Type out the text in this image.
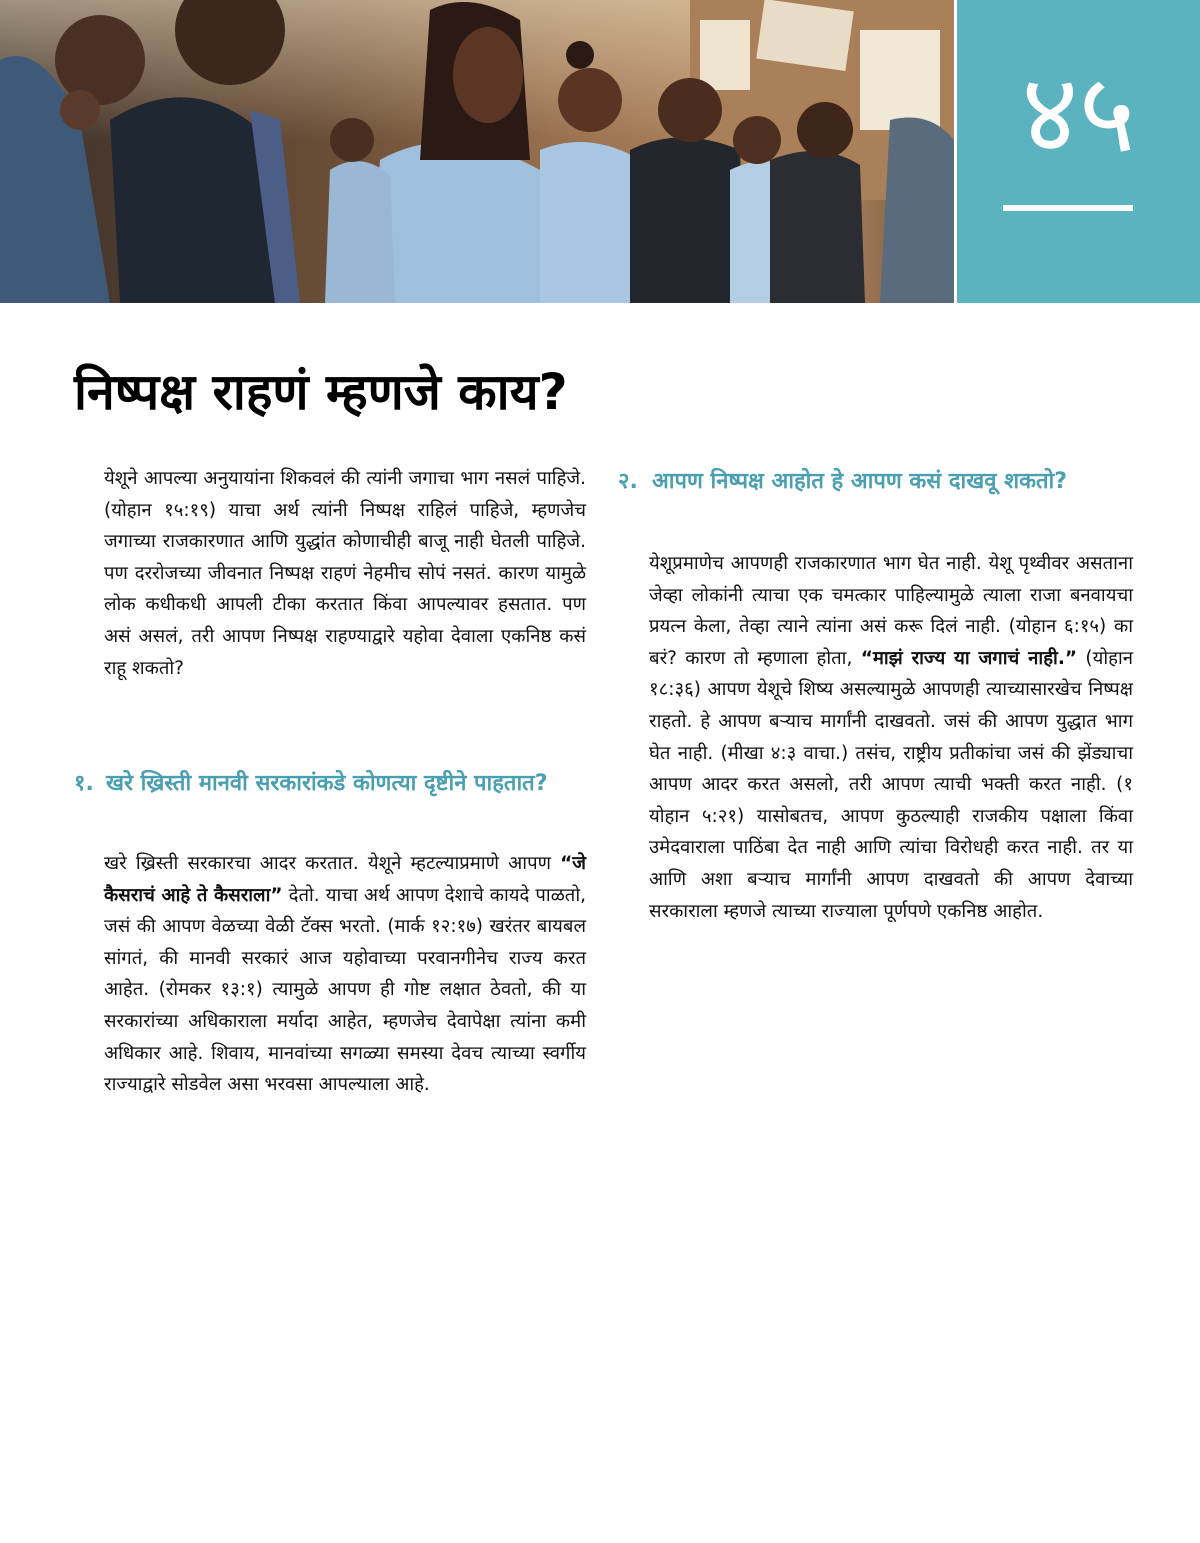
४५
निष्पक्ष राहणं म्हणजे काय?

येशूने आपल्या अनुयायांना शिकवलं की त्यांनी जगाचा भाग नसलं पाहिजे. (योहान १५:१९) याचा अर्थ त्यांनी निष्पक्ष राहिलं पाहिजे, म्हणजेच जगाच्या राजकारणात आणि युद्धांत कोणाचीही बाजू नाही घेतली पाहिजे. पण दररोजच्या जीवनात निष्पक्ष राहणं नेहमीच सोपं नसतं. कारण यामुळे लोक कधीकधी आपली टीका करतात किंवा आपल्यावर हसतात. पण असं असलं, तरी आपण निष्पक्ष राहण्याद्वारे यहोवा देवाला एकनिष्ठ कसं राहू शकतो?

१. खरे ख्रिस्ती मानवी सरकारांकडे कोणत्या दृष्टीने पाहतात?

खरे ख्रिस्ती सरकारचा आदर करतात. येशूने म्हटल्याप्रमाणे आपण “जे कैसराचं आहे ते कैसराला” देतो. याचा अर्थ आपण देशाचे कायदे पाळतो, जसं की आपण वेळच्या वेळी टॅक्स भरतो. (मार्क १२:१७) खरंतर बायबल सांगतं, की मानवी सरकारं आज यहोवाच्या परवानगीनेच राज्य करत आहेत. (रोमकर १३:१) त्यामुळे आपण ही गोष्ट लक्षात ठेवतो, की या सरकारांच्या अधिकाराला मर्यादा आहेत, म्हणजेच देवापेक्षा त्यांना कमी अधिकार आहे. शिवाय, मानवांच्या सगळ्या समस्या देवच त्याच्या स्वर्गीय राज्याद्वारे सोडवेल असा भरवसा आपल्याला आहे.

२. आपण निष्पक्ष आहोत हे आपण कसं दाखवू शकतो?

येशूप्रमाणेच आपणही राजकारणात भाग घेत नाही. येशू पृथ्वीवर असताना जेव्हा लोकांनी त्याचा एक चमत्कार पाहिल्यामुळे त्याला राजा बनवायचा प्रयत्न केला, तेव्हा त्याने त्यांना असं करू दिलं नाही. (योहान ६:१५) का बरं? कारण तो म्हणाला होता, “माझं राज्य या जगाचं नाही.” (योहान १८:३६) आपण येशूचे शिष्य असल्यामुळे आपणही त्याच्यासारखेच निष्पक्ष राहतो. हे आपण बऱ्याच मार्गांनी दाखवतो. जसं की आपण युद्धात भाग घेत नाही. (मीखा ४:३ वाचा.) तसंच, राष्ट्रीय प्रतीकांचा जसं की झेंड्याचा आपण आदर करत असलो, तरी आपण त्याची भक्ती करत नाही. (१ योहान ५:२१) यासोबतच, आपण कुठल्याही राजकीय पक्षाला किंवा उमेदवाराला पाठिंबा देत नाही आणि त्यांचा विरोधही करत नाही. तर या आणि अशा बऱ्याच मार्गांनी आपण दाखवतो की आपण देवाच्या सरकाराला म्हणजे त्याच्या राज्याला पूर्णपणे एकनिष्ठ आहोत.
